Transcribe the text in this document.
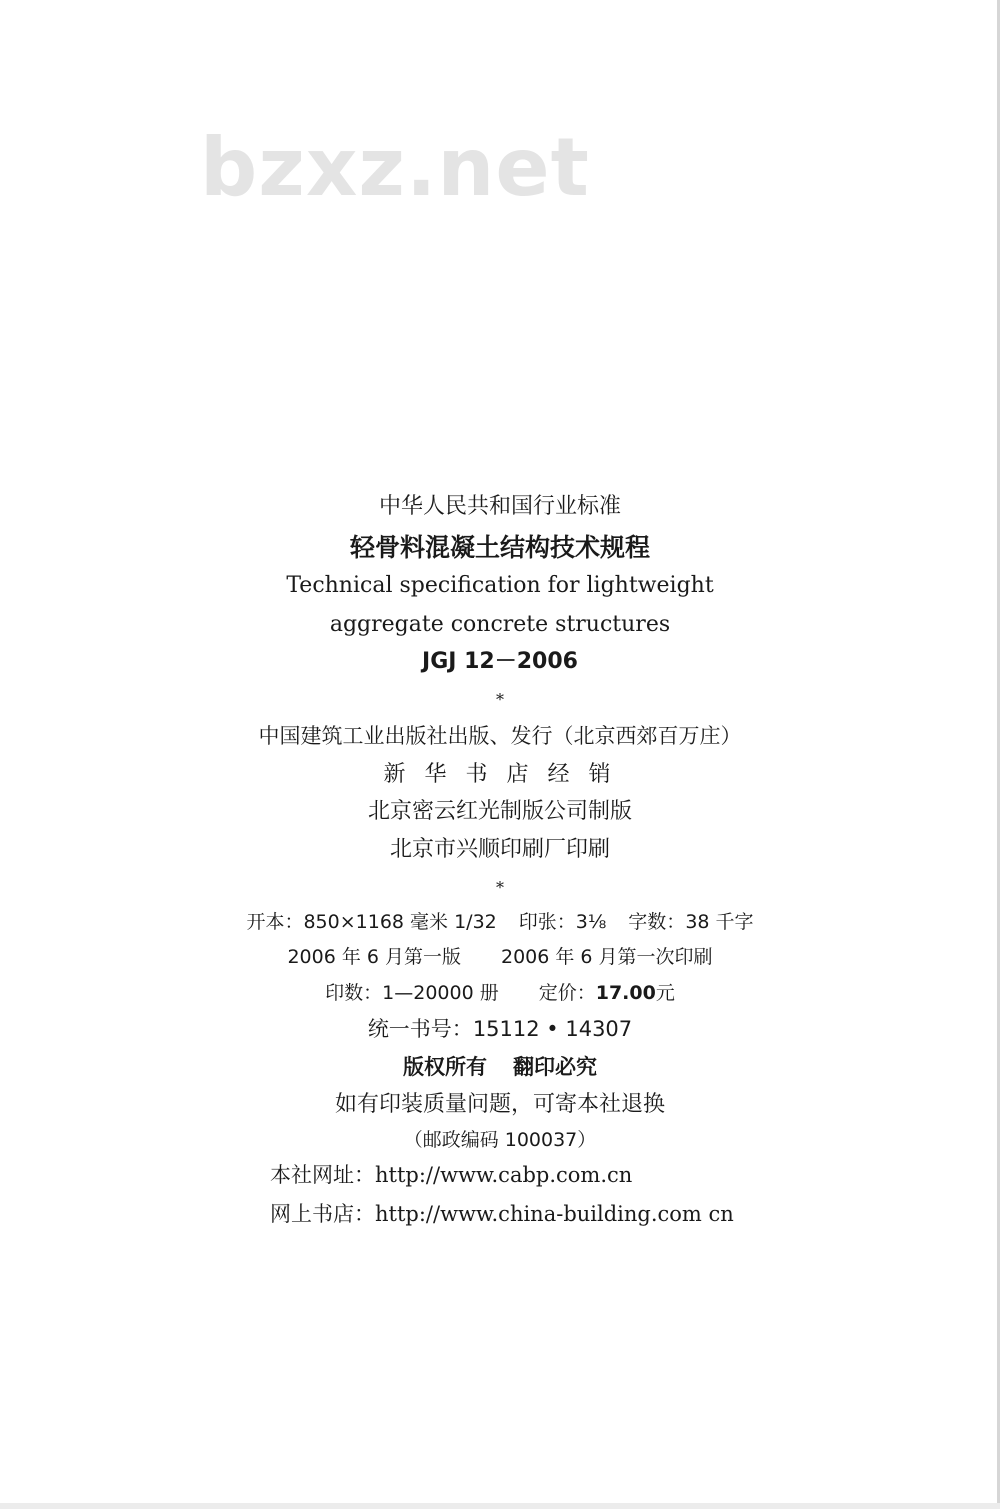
bzxz.net
中华人民共和国行业标准
轻骨料混凝土结构技术规程
Technical specification for lightweight
aggregate concrete structures
JGJ 12－2006
*
中国建筑工业出版社出版、发行（北京西郊百万庄）
新 华 书 店 经 销
北京密云红光制版公司制版
北京市兴顺印刷厂印刷
*
开本：850×1168 毫米 1/32 印张：3⅛ 字数：38 千字
2006 年 6 月第一版 2006 年 6 月第一次印刷
印数：1—20000 册 定价：17.00元
统一书号：15112 • 14307
版权所有 翻印必究
如有印装质量问题，可寄本社退换
（邮政编码 100037）
本社网址：http://www.cabp.com.cn
网上书店：http://www.china-building.com cn
